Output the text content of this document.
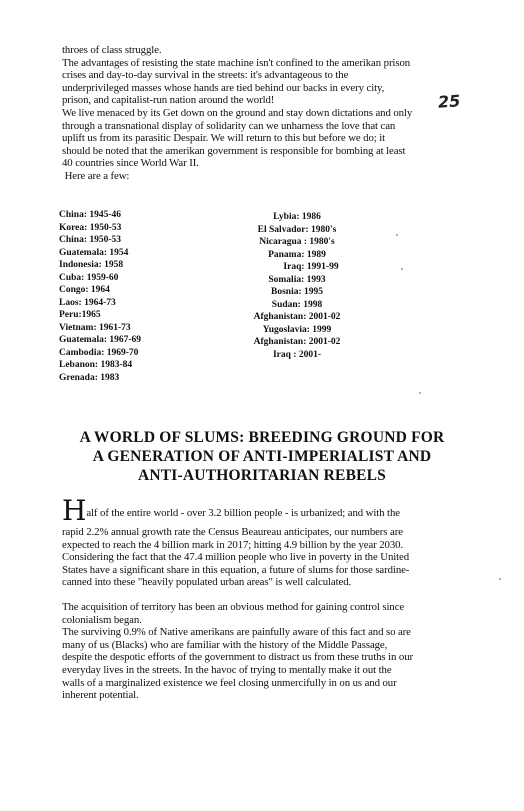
throes of class struggle.

The advantages of resisting the state machine isn't confined to the amerikan prison

crises and day-to-day survival in the streets: it's advantageous to the

underprivileged masses whose hands are tied behind our backs in every city,

prison, and capitalist-run nation around the world!

We live menaced by its Get down on the ground and stay down dictations and only

through a transnational display of solidarity can we unharness the love that can

uplift us from its parasitic Despair. We will return to this but before we do; it

should be noted that the amerikan government is responsible for bombing at least

40 countries since World War II.

Here are a few:

25
China: 1945-46
Korea: 1950-53
China: 1950-53
Guatemala: 1954
Indonesia: 1958
Cuba: 1959-60
Congo: 1964
Laos: 1964-73
Peru:1965
Vietnam: 1961-73
Guatemala: 1967-69
Cambodia: 1969-70
Lebanon: 1983-84
Grenada: 1983
Lybia: 1986
El Salvador: 1980's
Nicaragua : 1980's
Panama: 1989
Iraq: 1991-99
Somalia: 1993
Bosnia: 1995
Sudan: 1998
Afghanistan: 2001-02
Yugoslavia: 1999
Afghanistan: 2001-02
Iraq : 2001-
A WORLD OF SLUMS: BREEDING GROUND FOR
A GENERATION OF ANTI-IMPERIALIST AND
ANTI-AUTHORITARIAN REBELS

Half of the entire world - over 3.2 billion people - is urbanized; and with the

rapid 2.2% annual growth rate the Census Beaureau anticipates, our numbers are

expected to reach the 4 billion mark in 2017; hitting 4.9 billion by the year 2030.

Considering the fact that the 47.4 million people who live in poverty in the United

States have a significant share in this equation, a future of slums for those sardine-

canned into these "heavily populated urban areas" is well calculated.

The acquisition of territory has been an obvious method for gaining control since

colonialism began.

The surviving 0.9% of Native amerikans are painfully aware of this fact and so are

many of us (Blacks) who are familiar with the history of the Middle Passage,

despite the despotic efforts of the government to distract us from these truths in our

everyday lives in the streets. In the havoc of trying to mentally make it out the

walls of a marginalized existence we feel closing unmercifully in on us and our

inherent potential.
